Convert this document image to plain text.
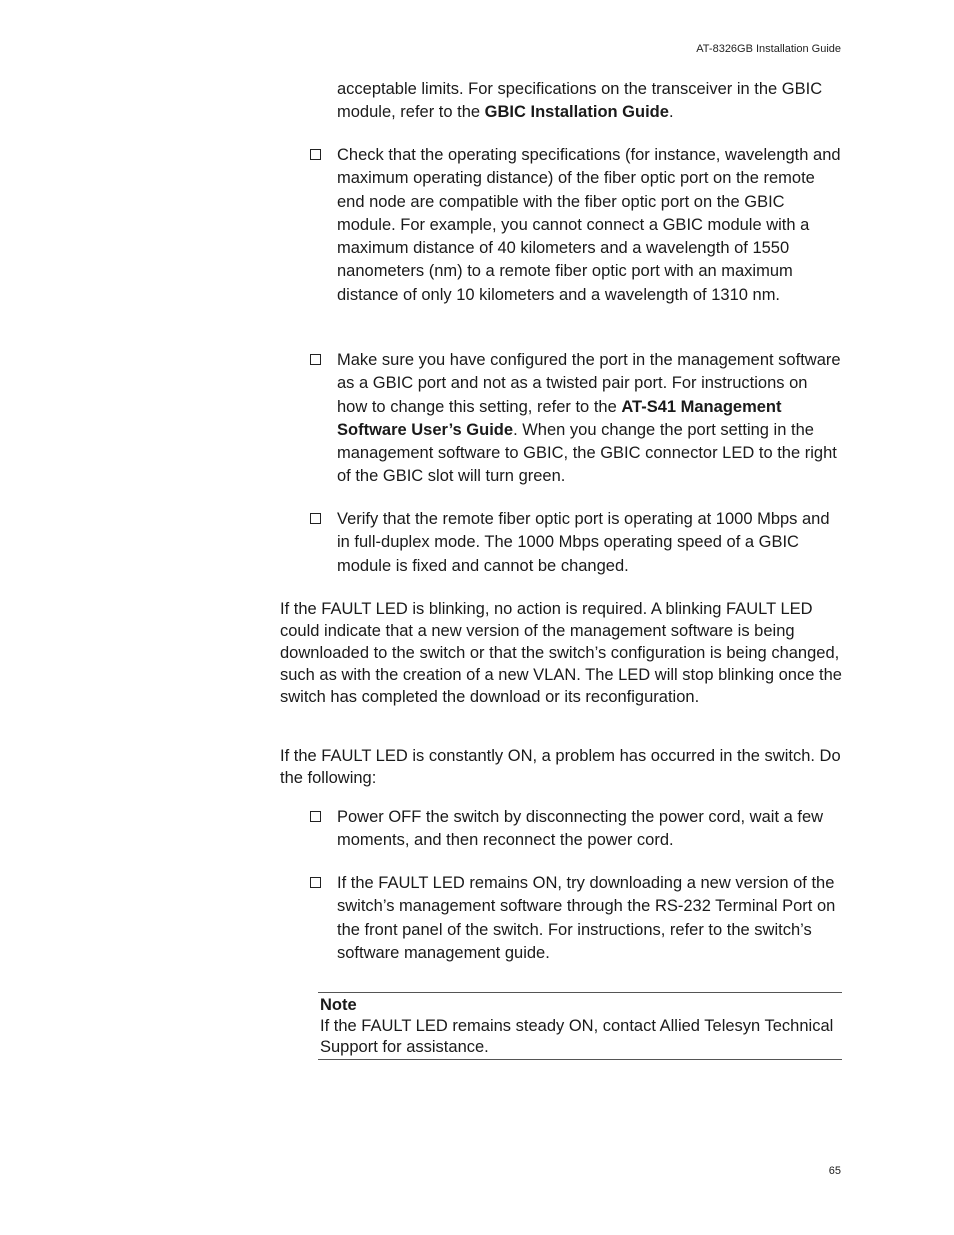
AT-8326GB Installation Guide
acceptable limits. For specifications on the transceiver in the GBIC module, refer to the GBIC Installation Guide.
Check that the operating specifications (for instance, wavelength and maximum operating distance) of the fiber optic port on the remote end node are compatible with the fiber optic port on the GBIC module. For example, you cannot connect a GBIC module with a maximum distance of 40 kilometers and a wavelength of 1550 nanometers (nm) to a remote fiber optic port with an maximum distance of only 10 kilometers and a wavelength of 1310 nm.
Make sure you have configured the port in the management software as a GBIC port and not as a twisted pair port. For instructions on how to change this setting, refer to the AT-S41 Management Software User’s Guide. When you change the port setting in the management software to GBIC, the GBIC connector LED to the right of the GBIC slot will turn green.
Verify that the remote fiber optic port is operating at 1000 Mbps and in full-duplex mode. The 1000 Mbps operating speed of a GBIC module is fixed and cannot be changed.
If the FAULT LED is blinking, no action is required. A blinking FAULT LED could indicate that a new version of the management software is being downloaded to the switch or that the switch’s configuration is being changed, such as with the creation of a new VLAN. The LED will stop blinking once the switch has completed the download or its reconfiguration.
If the FAULT LED is constantly ON, a problem has occurred in the switch. Do the following:
Power OFF the switch by disconnecting the power cord, wait a few moments, and then reconnect the power cord.
If the FAULT LED remains ON, try downloading a new version of the switch’s management software through the RS-232 Terminal Port on the front panel of the switch. For instructions, refer to the switch’s software management guide.
Note
If the FAULT LED remains steady ON, contact Allied Telesyn Technical Support for assistance.
65
